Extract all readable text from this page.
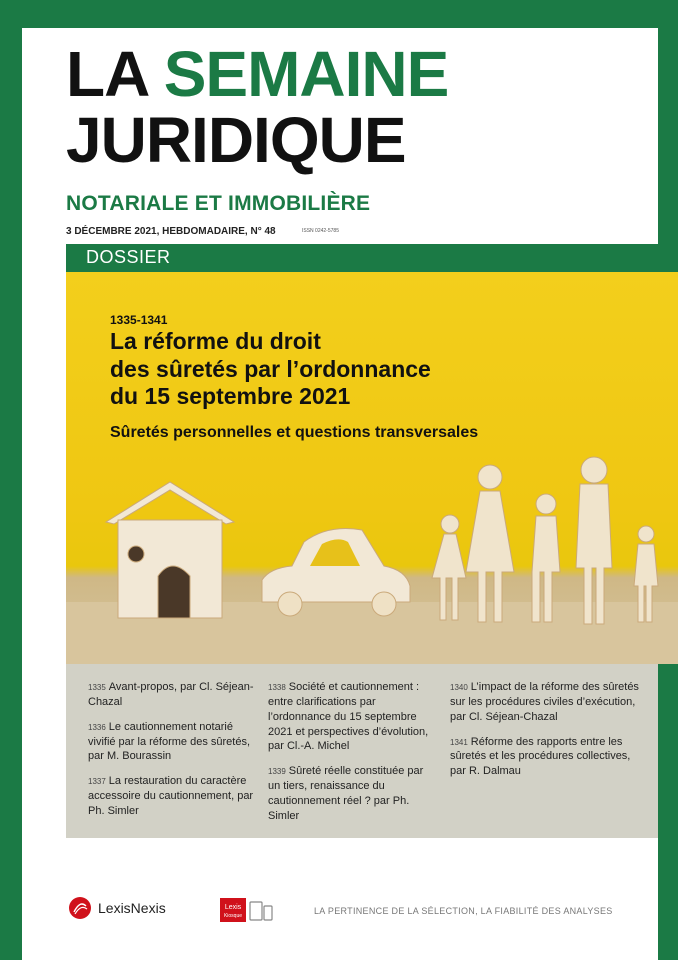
LA SEMAINE
JURIDIQUE
NOTARIALE ET IMMOBILIÈRE
3 DÉCEMBRE 2021, HEBDOMADAIRE, N° 48	ISSN 0242-5785
DOSSIER
1335-1341
La réforme du droit
des sûretés par l’ordonnance
du 15 septembre 2021
Sûretés personnelles et questions transversales
1335 Avant-propos, par Cl. Séjean-Chazal
1336 Le cautionnement notarié vivifié par la réforme des sûretés, par M. Bourassin
1337 La restauration du caractère accessoire du cautionnement, par Ph. Simler
1338 Société et cautionnement : entre clarifications par l’ordonnance du 15 septembre 2021 et perspectives d’évolution, par Cl.-A. Michel
1339 Sûreté réelle constituée par un tiers, renaissance du cautionnement réel ? par Ph. Simler
1340 L’impact de la réforme des sûretés sur les procédures civiles d’exécution, par Cl. Séjean-Chazal
1341 Réforme des rapports entre les sûretés et les procédures collectives, par R. Dalmau
LexisNexis	Lexis
Kiosque	LA PERTINENCE DE LA SÉLECTION, LA FIABILITÉ DES ANALYSES
